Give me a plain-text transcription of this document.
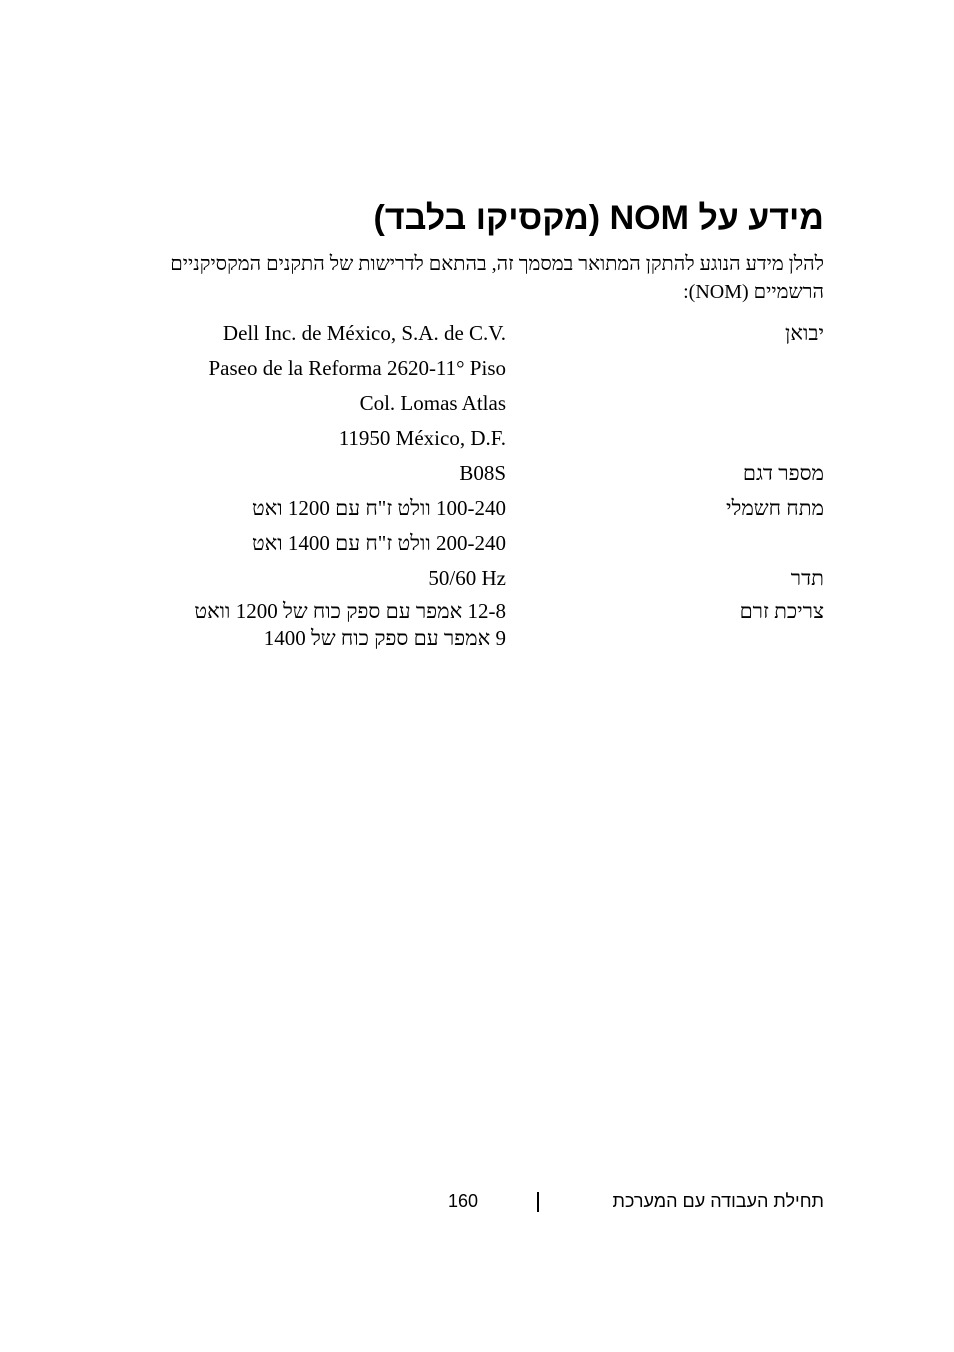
מידע על NOM (מקסיקו בלבד)
להלן מידע הנוגע להתקן המתואר במסמך זה, בהתאם לדרישות של התקנים המקסיקניים
הרשמיים (NOM):
יבואן
Dell Inc. de México, S.A. de C.V.
Paseo de la Reforma 2620-11° Piso
Col. Lomas Atlas
11950 México, D.F.
מספר דגם
B08S
מתח חשמלי
100-240 וולט ז"ח עם 1200 ואט
200-240 וולט ז"ח עם 1400 ואט
תדר
50/60 Hz
צריכת זרם
12-8 אמפר עם ספק כוח של 1200 וואט
9 אמפר עם ספק כוח של 1400
תחילת העבודה עם המערכת
160
